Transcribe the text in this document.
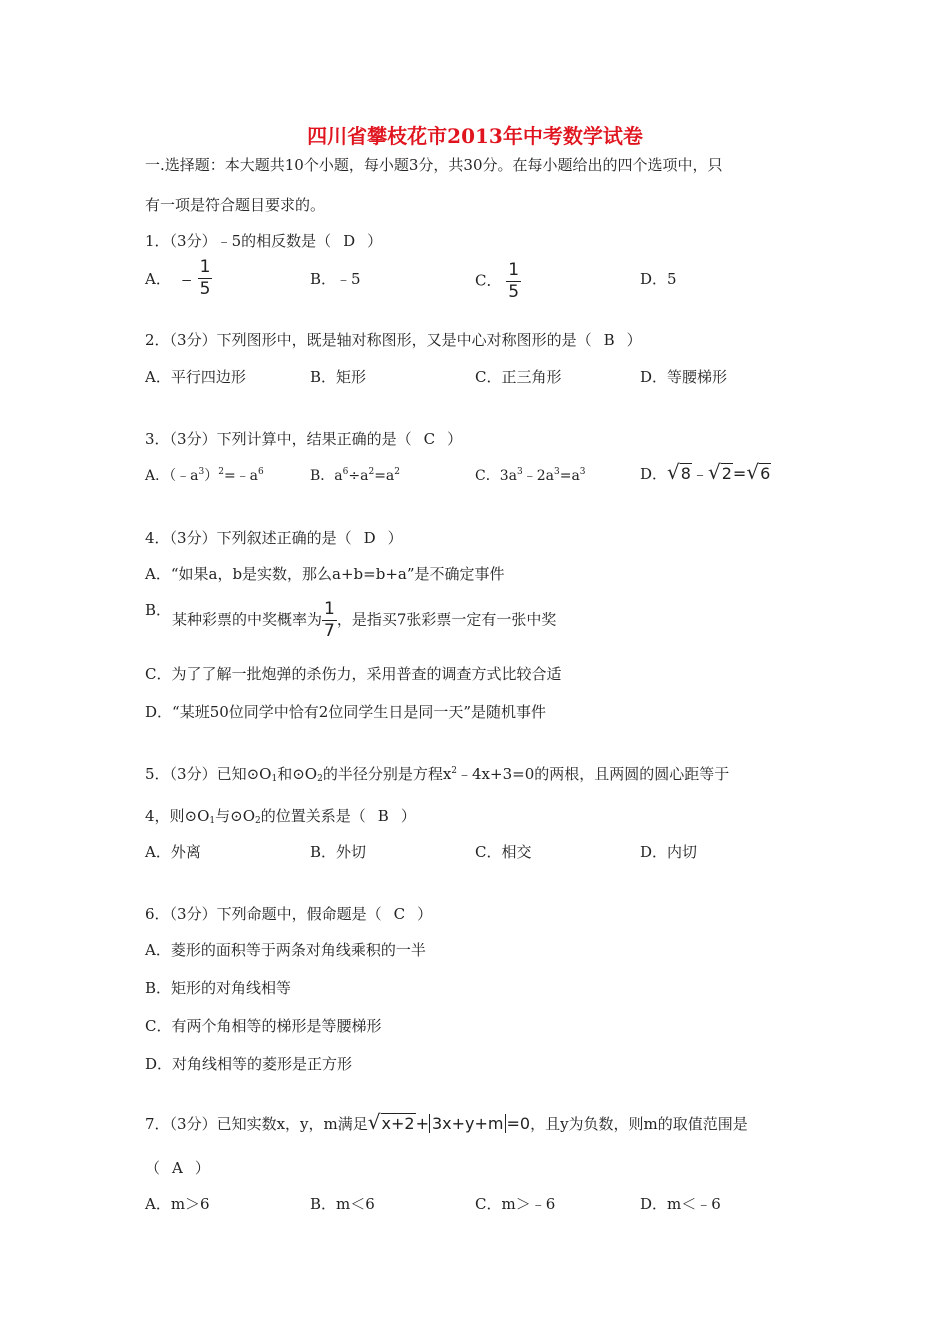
四川省攀枝花市2013年中考数学试卷
一.选择题：本大题共10个小题，每小题3分，共30分。在每小题给出的四个选项中，只
有一项是符合题目要求的。
1．（3分）﹣5的相反数是（ D ）
A． ﹣ $\frac{1}{5}$	B．﹣5	C． $\frac{1}{5}$	D．5
2．（3分）下列图形中，既是轴对称图形，又是中心对称图形的是（ B ）
A．平行四边形	B．矩形	C．正三角形	D．等腰梯形
3．（3分）下列计算中，结果正确的是（ C ）
A．$(﹣a^3)^2=﹣a^6$	B．$a^6\div a^2=a^2$	C．$3a^3﹣2a^3=a^3$	D．√8﹣√2=√6
4．（3分）下列叙述正确的是（ D ）
A．“如果a，b是实数，那么a+b=b+a”是不确定事件
B．
某种彩票的中奖概率为 $\frac{1}{7}$ ，是指买7张彩票一定有一张中奖
C．为了了解一批炮弹的杀伤力，采用普查的调查方式比较合适
D．“某班50位同学中恰有2位同学生日是同一天”是随机事件
5．（3分）已知$⊙O_1$和$⊙O_2$的半径分别是方程$x^2﹣4x+3=0$的两根，且两圆的圆心距等于
4，则$⊙O_1$与$⊙O_2$的位置关系是（ B ）
A．外离	B．外切	C．相交	D．内切
6．（3分）下列命题中，假命题是（ C ）
A．菱形的面积等于两条对角线乘积的一半
B．矩形的对角线相等
C．有两个角相等的梯形是等腰梯形
D．对角线相等的菱形是正方形
7．（3分）已知实数x，y，m满足√x+2+ 3x+y+m =0，且y为负数，则m的取值范围是
（ A ）
A．m＞6	B．m＜6	C．m＞﹣6	D．m＜﹣6
